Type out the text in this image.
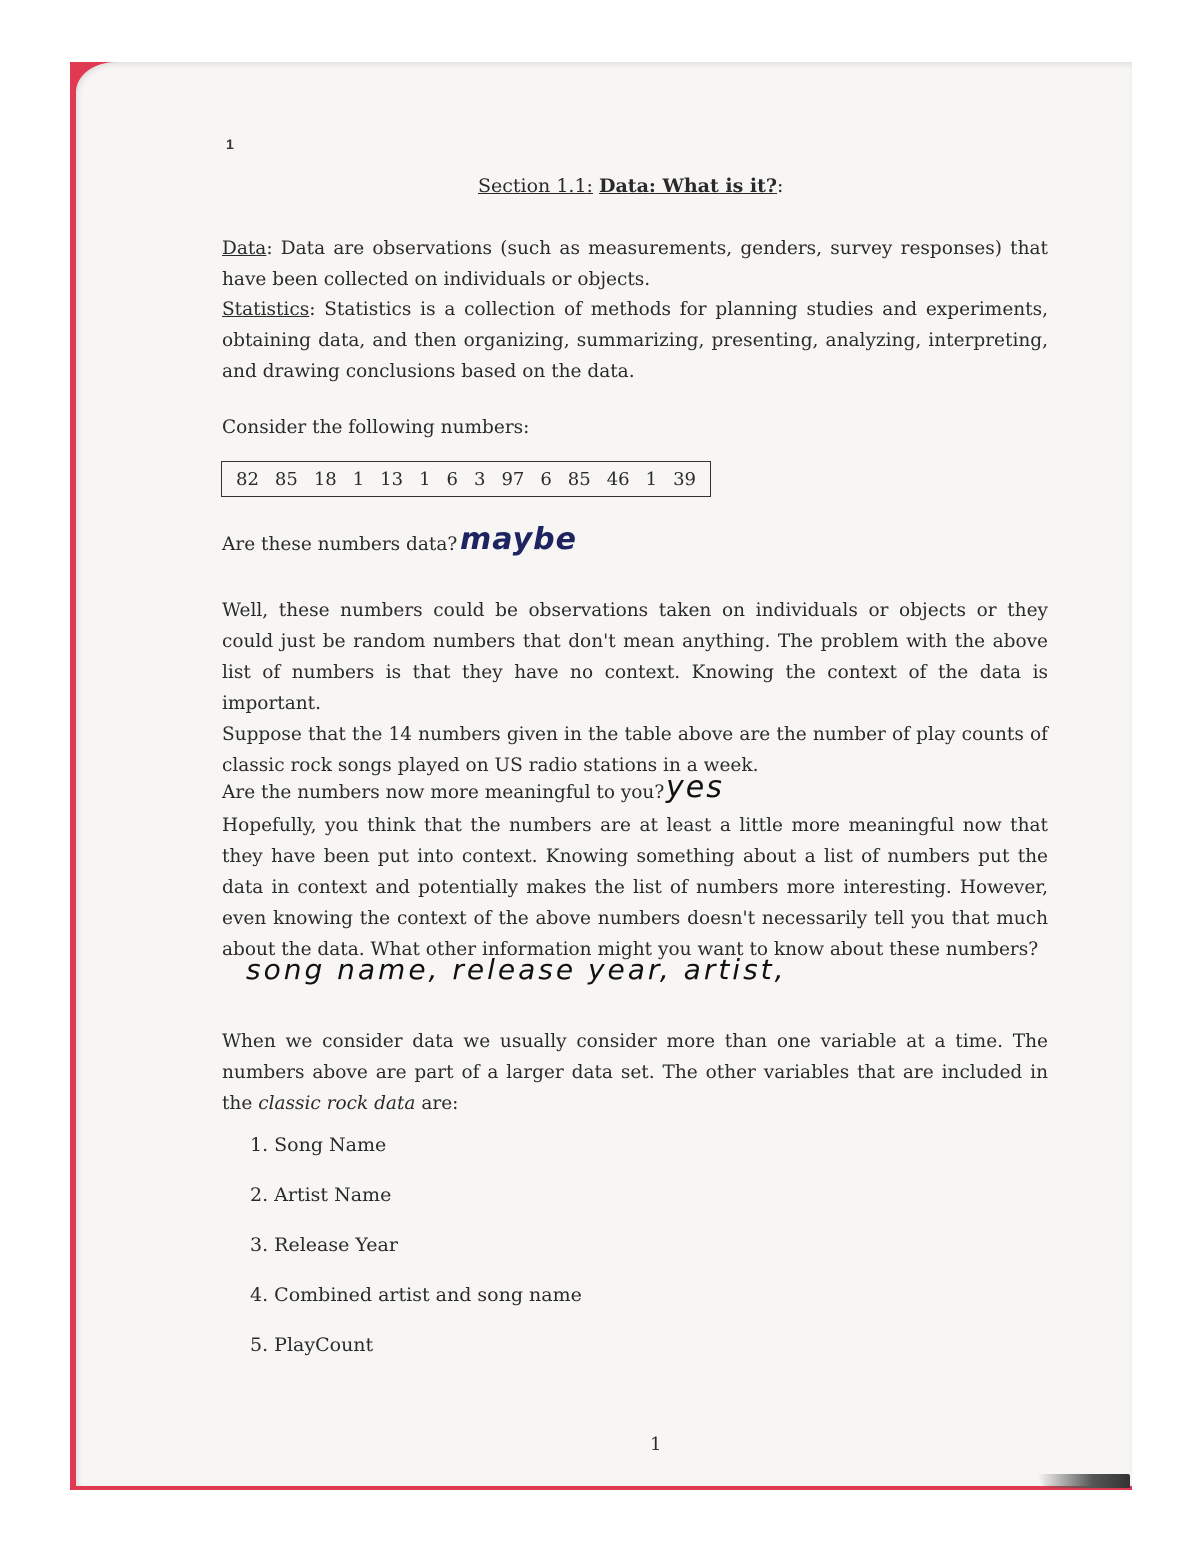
1
Section 1.1: Data: What is it?:
Data: Data are observations (such as measurements, genders, survey responses) that have been collected on individuals or objects.
Statistics: Statistics is a collection of methods for planning studies and experiments, obtaining data, and then organizing, summarizing, presenting, analyzing, interpreting, and drawing conclusions based on the data.
Consider the following numbers:
82 85 18 1 13 1 6 3 97 6 85 46 1 39
Are these numbers data? maybe
Well, these numbers could be observations taken on individuals or objects or they could just be random numbers that don't mean anything. The problem with the above list of numbers is that they have no context. Knowing the context of the data is important.
Suppose that the 14 numbers given in the table above are the number of play counts of classic rock songs played on US radio stations in a week.
Are the numbers now more meaningful to you? yes
Hopefully, you think that the numbers are at least a little more meaningful now that they have been put into context. Knowing something about a list of numbers put the data in context and potentially makes the list of numbers more interesting. However, even knowing the context of the above numbers doesn't necessarily tell you that much about the data. What other information might you want to know about these numbers?
song name, release year, artist,
When we consider data we usually consider more than one variable at a time. The numbers above are part of a larger data set. The other variables that are included in the classic rock data are:
1. Song Name
2. Artist Name
3. Release Year
4. Combined artist and song name
5. PlayCount
1
